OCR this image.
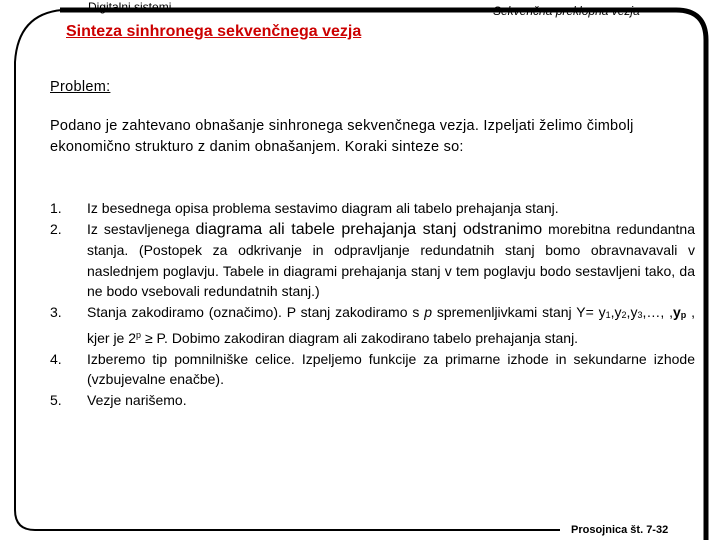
Digitalni sistemi	Sekvenčna preklopna vezja
Sinteza sinhronega sekvenčnega vezja
Problem:
Podano je zahtevano obnašanje sinhronega sekvenčnega vezja. Izpeljati želimo čimbolj ekonomično strukturo z danim obnašanjem. Koraki sinteze so:
1.	Iz besednega opisa problema sestavimo diagram ali tabelo prehajanja stanj.
2.	Iz sestavljenega diagrama ali tabele prehajanja stanj odstranimo morebitna redundantna stanja. (Postopek za odkrivanje in odpravljanje redundatnih stanj bomo obravnavavali v naslednjem poglavju. Tabele in diagrami prehajanja stanj v tem poglavju bodo sestavljeni tako, da ne bodo vsebovali redundatnih stanj.)
3.	Stanja zakodiramo (označimo). P stanj zakodiramo s p spremenljivkami stanj $Y= y_1,y_2,y_3,\dots$, $,y_p$ , kjer je $2^p \ge P$. Dobimo zakodiran diagram ali zakodirano tabelo prehajanja stanj.
4.	Izberemo tip pomnilniške celice. Izpeljemo funkcije za primarne izhode in sekundarne izhode (vzbujevalne enačbe).
5.	Vezje narišemo.
Prosojnica št. 7-32
